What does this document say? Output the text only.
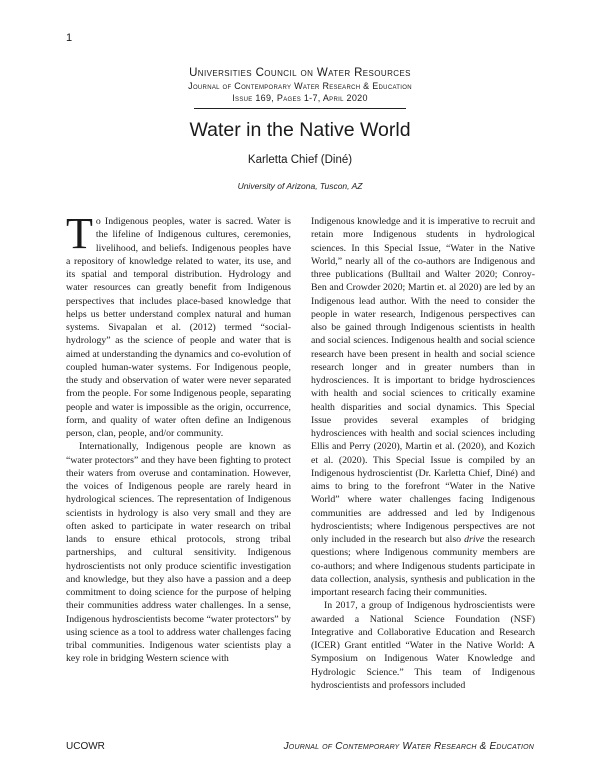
1
Universities Council on Water Resources
Journal of Contemporary Water Research & Education
Issue 169, Pages 1-7, April 2020
Water in the Native World
Karletta Chief (Diné)
University of Arizona, Tuscon, AZ

To Indigenous peoples, water is sacred. Water is the lifeline of Indigenous cultures, ceremonies, livelihood, and beliefs. Indigenous peoples have a repository of knowledge related to water, its use, and its spatial and temporal distribution. Hydrology and water resources can greatly benefit from Indigenous perspectives that includes place-based knowledge that helps us better understand complex natural and human systems. Sivapalan et al. (2012) termed “social-hydrology” as the science of people and water that is aimed at understanding the dynamics and co-evolution of coupled human-water systems. For Indigenous people, the study and observation of water were never separated from the people. For some Indigenous people, separating people and water is impossible as the origin, occurrence, form, and quality of water often define an Indigenous person, clan, people, and/or community.

Internationally, Indigenous people are known as “water protectors” and they have been fighting to protect their waters from overuse and contamination. However, the voices of Indigenous people are rarely heard in hydrological sciences. The representation of Indigenous scientists in hydrology is also very small and they are often asked to participate in water research on tribal lands to ensure ethical protocols, strong tribal partnerships, and cultural sensitivity. Indigenous hydroscientists not only produce scientific investigation and knowledge, but they also have a passion and a deep commitment to doing science for the purpose of helping their communities address water challenges. In a sense, Indigenous hydroscientists become “water protectors” by using science as a tool to address water challenges facing tribal communities. Indigenous water scientists play a key role in bridging Western science with

Indigenous knowledge and it is imperative to recruit and retain more Indigenous students in hydrological sciences. In this Special Issue, “Water in the Native World,” nearly all of the co-authors are Indigenous and three publications (Bulltail and Walter 2020; Conroy-Ben and Crowder 2020; Martin et. al 2020) are led by an Indigenous lead author. With the need to consider the people in water research, Indigenous perspectives can also be gained through Indigenous scientists in health and social sciences. Indigenous health and social science research have been present in health and social science research longer and in greater numbers than in hydrosciences. It is important to bridge hydrosciences with health and social sciences to critically examine health disparities and social dynamics. This Special Issue provides several examples of bridging hydrosciences with health and social sciences including Ellis and Perry (2020), Martin et al. (2020), and Kozich et al. (2020). This Special Issue is compiled by an Indigenous hydroscientist (Dr. Karletta Chief, Diné) and aims to bring to the forefront “Water in the Native World” where water challenges facing Indigenous communities are addressed and led by Indigenous hydroscientists; where Indigenous perspectives are not only included in the research but also drive the research questions; where Indigenous community members are co-authors; and where Indigenous students participate in data collection, analysis, synthesis and publication in the important research facing their communities.

In 2017, a group of Indigenous hydroscientists were awarded a National Science Foundation (NSF) Integrative and Collaborative Education and Research (ICER) Grant entitled “Water in the Native World: A Symposium on Indigenous Water Knowledge and Hydrologic Science.” This team of Indigenous hydroscientists and professors included

UCOWR	Journal of Contemporary Water Research & Education
